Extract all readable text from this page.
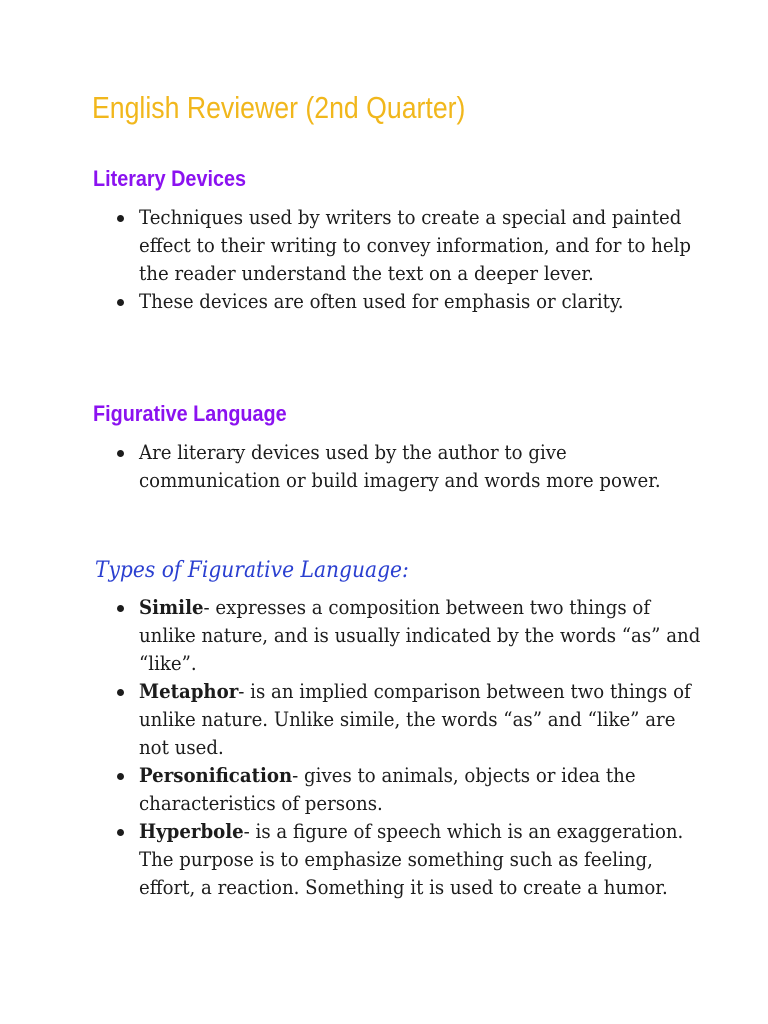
English Reviewer (2nd Quarter)
Literary Devices
Techniques used by writers to create a special and painted effect to their writing to convey information, and for to help the reader understand the text on a deeper lever.
These devices are often used for emphasis or clarity.
Figurative Language
Are literary devices used by the author to give communication or build imagery and words more power.
Types of Figurative Language:
Simile- expresses a composition between two things of unlike nature, and is usually indicated by the words “as” and “like”.
Metaphor- is an implied comparison between two things of unlike nature. Unlike simile, the words “as” and “like” are not used.
Personification- gives to animals, objects or idea the characteristics of persons.
Hyperbole- is a figure of speech which is an exaggeration. The purpose is to emphasize something such as feeling, effort, a reaction. Something it is used to create a humor.
